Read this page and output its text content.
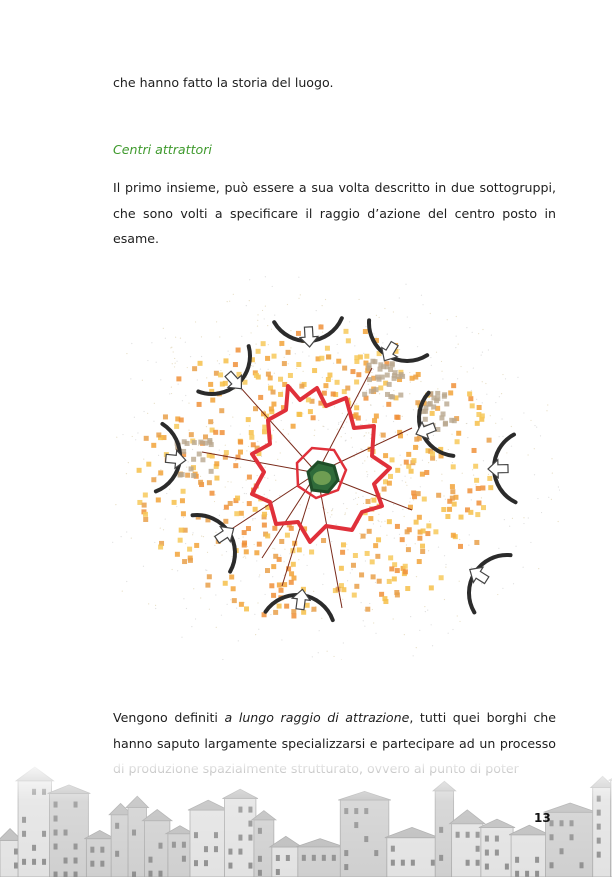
che hanno fatto la storia del luogo.

Centri attrattori

Il primo insieme, può essere a sua volta descritto in due sottogruppi, che sono volti a specificare il raggio d’azione del centro posto in esame.

Vengono definiti a lungo raggio di attrazione, tutti quei borghi che hanno saputo largamente specializzarsi e partecipare ad un processo

13
